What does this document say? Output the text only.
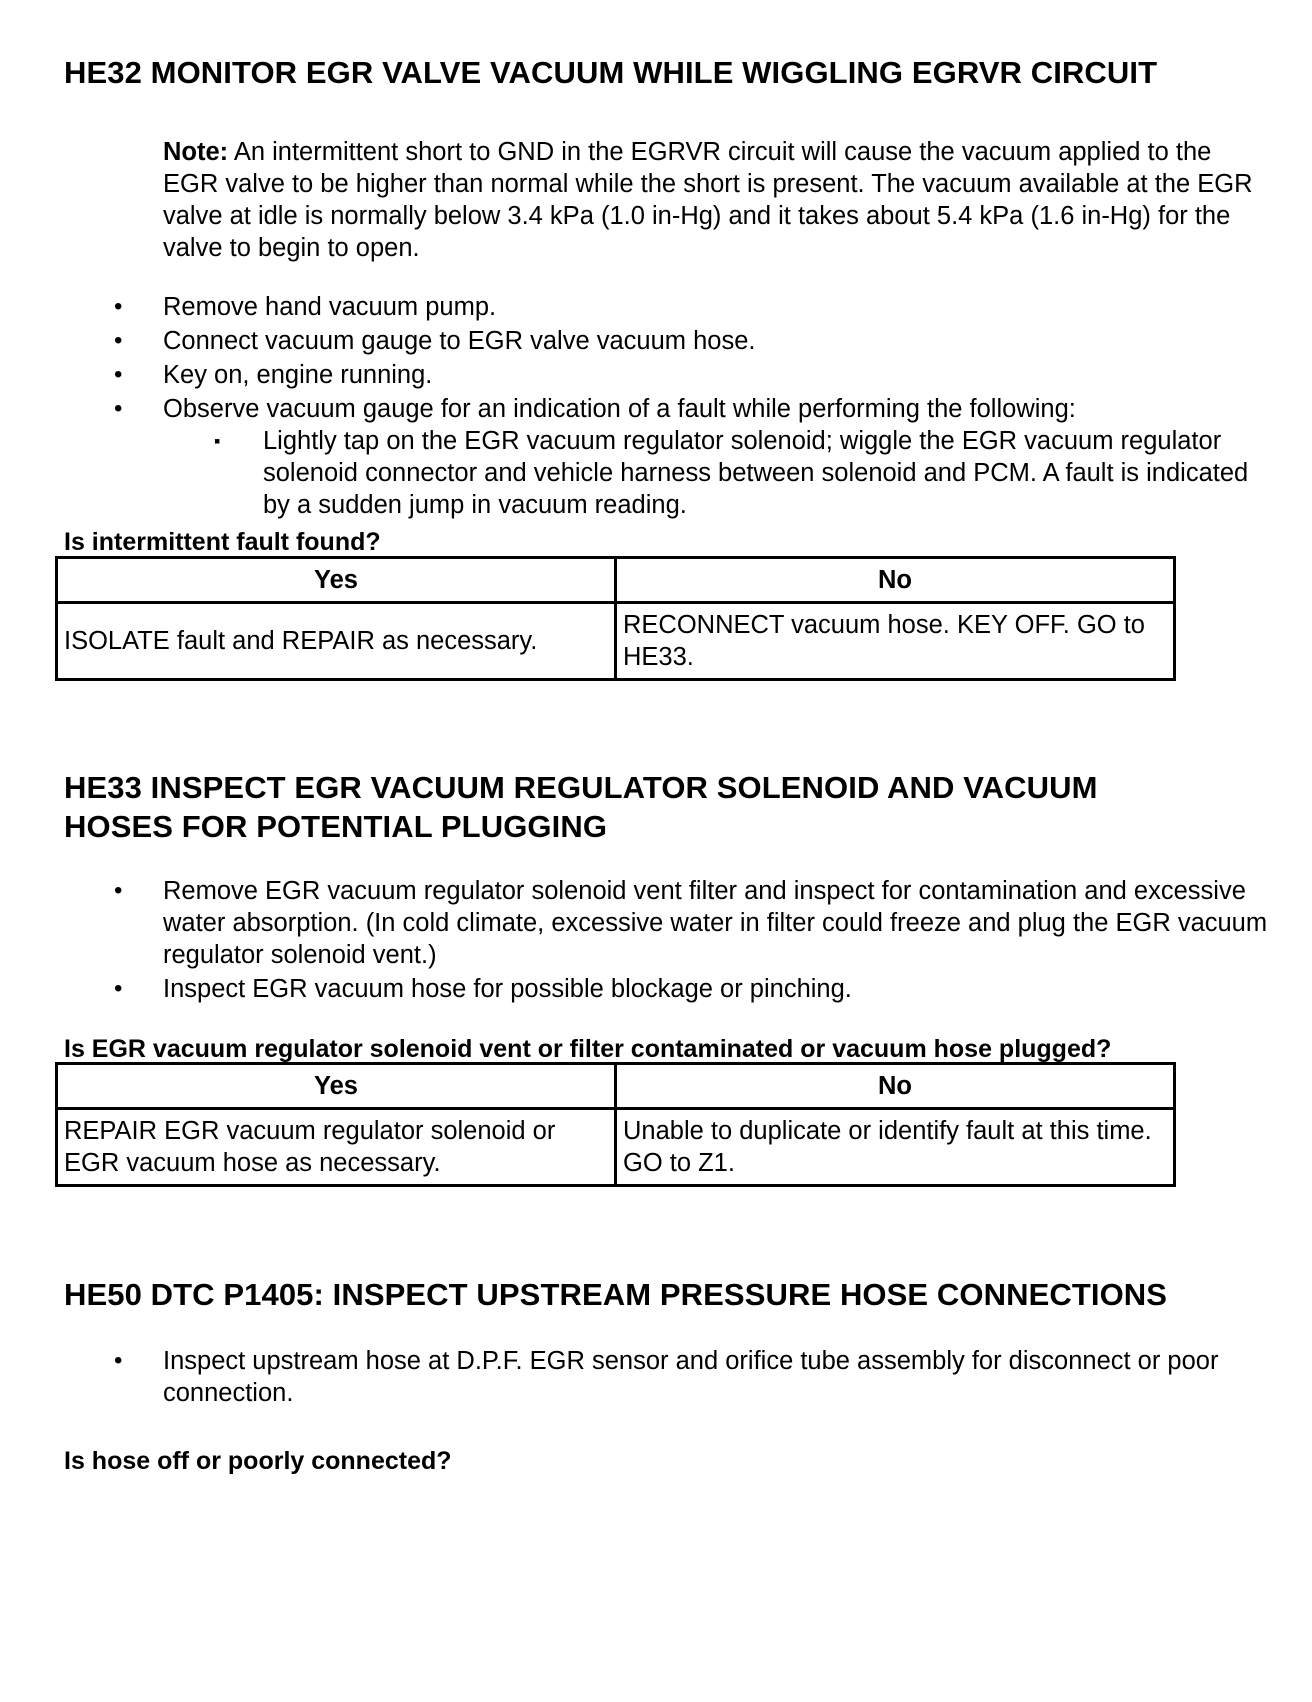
HE32 MONITOR EGR VALVE VACUUM WHILE WIGGLING EGRVR CIRCUIT

Note: An intermittent short to GND in the EGRVR circuit will cause the vacuum applied to the EGR valve to be higher than normal while the short is present. The vacuum available at the EGR valve at idle is normally below 3.4 kPa (1.0 in-Hg) and it takes about 5.4 kPa (1.6 in-Hg) for the valve to begin to open.

• Remove hand vacuum pump.
• Connect vacuum gauge to EGR valve vacuum hose.
• Key on, engine running.
• Observe vacuum gauge for an indication of a fault while performing the following:
▪ Lightly tap on the EGR vacuum regulator solenoid; wiggle the EGR vacuum regulator solenoid connector and vehicle harness between solenoid and PCM. A fault is indicated by a sudden jump in vacuum reading.

Is intermittent fault found?

Yes	No
ISOLATE fault and REPAIR as necessary.	RECONNECT vacuum hose. KEY OFF. GO to HE33.
HE33 INSPECT EGR VACUUM REGULATOR SOLENOID AND VACUUM
HOSES FOR POTENTIAL PLUGGING
• Remove EGR vacuum regulator solenoid vent filter and inspect for contamination and excessive water absorption. (In cold climate, excessive water in filter could freeze and plug the EGR vacuum regulator solenoid vent.)
• Inspect EGR vacuum hose for possible blockage or pinching.

Is EGR vacuum regulator solenoid vent or filter contaminated or vacuum hose plugged?

Yes	No
REPAIR EGR vacuum regulator solenoid or EGR vacuum hose as necessary.	Unable to duplicate or identify fault at this time. GO to Z1.
HE50 DTC P1405: INSPECT UPSTREAM PRESSURE HOSE CONNECTIONS
• Inspect upstream hose at D.P.F. EGR sensor and orifice tube assembly for disconnect or poor connection.

Is hose off or poorly connected?
